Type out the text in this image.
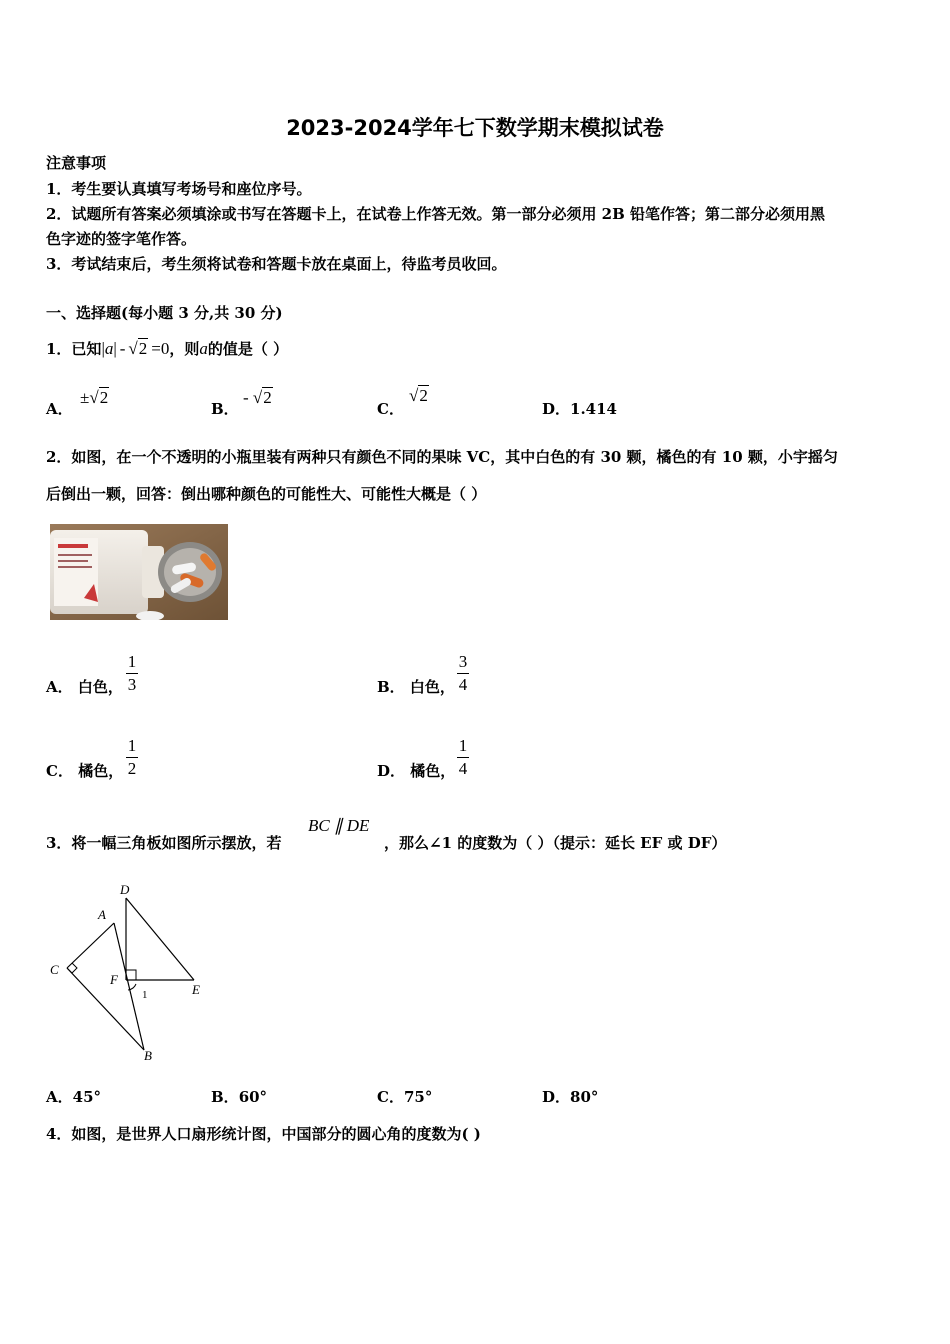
2023-2024学年七下数学期末模拟试卷
注意事项
1．考生要认真填写考场号和座位序号。
2．试题所有答案必须填涂或书写在答题卡上，在试卷上作答无效。第一部分必须用 2B 铅笔作答；第二部分必须用黑
色字迹的签字笔作答。
3．考试结束后，考生须将试卷和答题卡放在桌面上，待监考员收回。
一、选择题(每小题 3 分,共 30 分)
1．已知|a| - √2 =0，则a的值是（ ）
A．
±√2
B．
- √2
C．
√2
D．1.414
2．如图，在一个不透明的小瓶里装有两种只有颜色不同的果味 VC，其中白色的有 30 颗，橘色的有 10 颗，小宇摇匀
后倒出一颗，回答：倒出哪种颜色的可能性大、可能性大概是（ ）
A． 白色，
1
3	B． 白色，
3
4
C． 橘色，
1
2	D． 橘色，
1
4
3．将一幅三角板如图所示摆放，若
BC ∥ DE
，那么∠1 的度数为（ ）（提示：延长 EF 或 DF）
D
A
C
F
E
B
1
A．45°	B．60°	C．75°	D．80°
4．如图，是世界人口扇形统计图，中国部分的圆心角的度数为( )
